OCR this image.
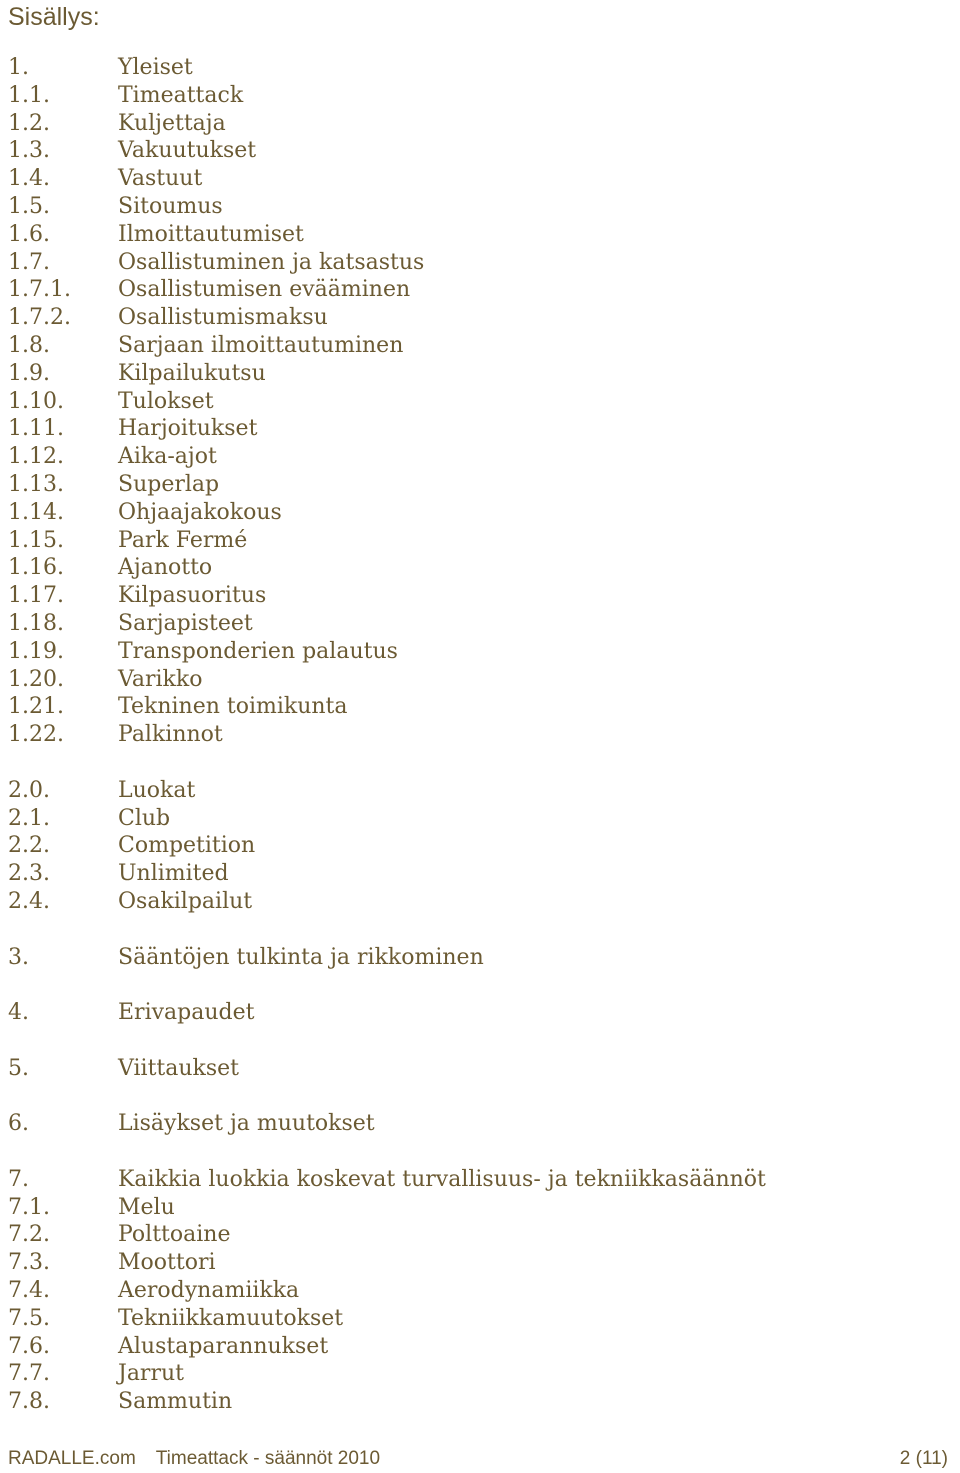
Sisällys:
1.	Yleiset
1.1.	Timeattack
1.2.	Kuljettaja
1.3.	Vakuutukset
1.4.	Vastuut
1.5.	Sitoumus
1.6.	Ilmoittautumiset
1.7.	Osallistuminen ja katsastus
1.7.1. Osallistumisen evääminen
1.7.2. Osallistumismaksu
1.8.	Sarjaan ilmoittautuminen
1.9.	Kilpailukutsu
1.10. Tulokset
1.11. Harjoitukset
1.12. Aika-ajot
1.13. Superlap
1.14. Ohjaajakokous
1.15. Park Fermé
1.16. Ajanotto
1.17. Kilpasuoritus
1.18. Sarjapisteet
1.19. Transponderien palautus
1.20. Varikko
1.21. Tekninen toimikunta
1.22. Palkinnot
2.0.	Luokat
2.1.	Club
2.2.	Competition
2.3.	Unlimited
2.4.	Osakilpailut
3.	Sääntöjen tulkinta ja rikkominen
4.	Erivapaudet
5.	Viittaukset
6.	Lisäykset ja muutokset
7.	Kaikkia luokkia koskevat turvallisuus- ja tekniikkasäännöt
7.1.	Melu
7.2.	Polttoaine
7.3.	Moottori
7.4.	Aerodynamiikka
7.5.	Tekniikkamuutokset
7.6.	Alustaparannukset
7.7.	Jarrut
7.8.	Sammutin
RADALLE.com Timeattack - säännöt 2010	2 (11)
